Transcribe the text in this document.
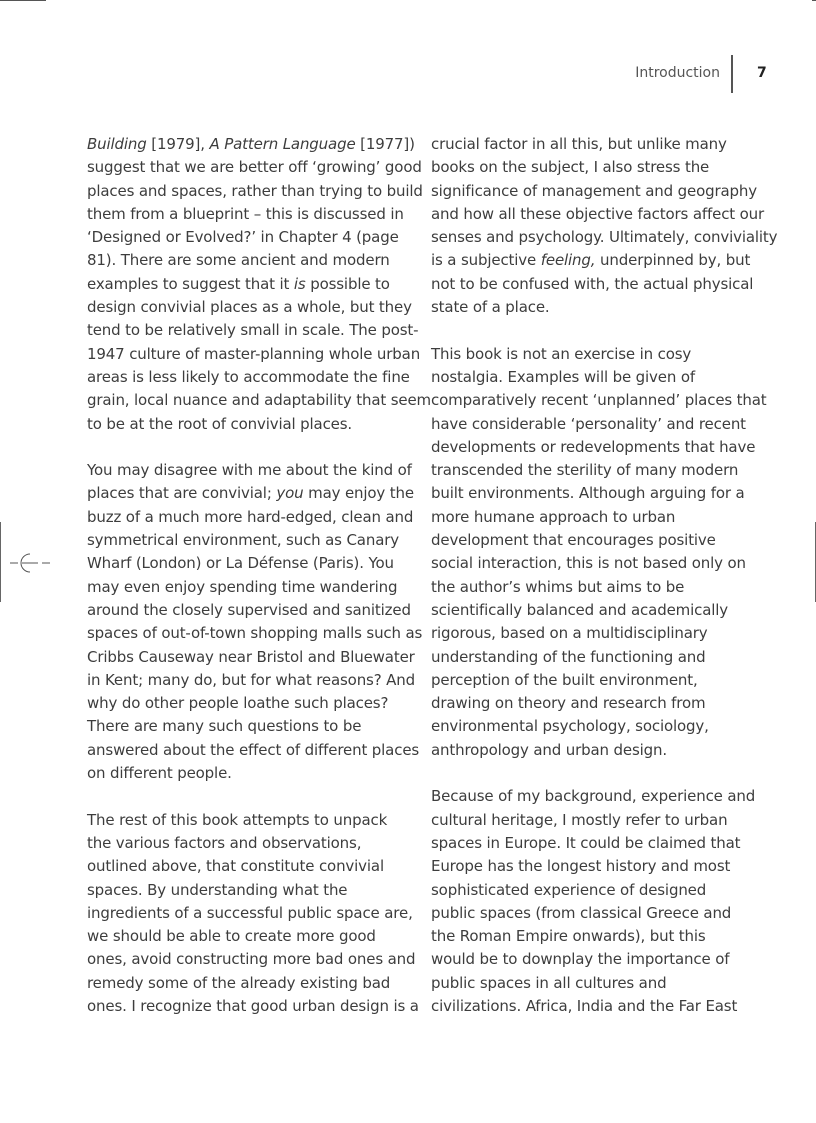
Introduction	7

Building [1979], A Pattern Language [1977])
suggest that we are better off ‘growing’ good
places and spaces, rather than trying to build
them from a blueprint – this is discussed in
‘Designed or Evolved?’ in Chapter 4 (page
81). There are some ancient and modern
examples to suggest that it is possible to
design convivial places as a whole, but they
tend to be relatively small in scale. The post-
1947 culture of master-planning whole urban
areas is less likely to accommodate the fine
grain, local nuance and adaptability that seem
to be at the root of convivial places.

You may disagree with me about the kind of
places that are convivial; you may enjoy the
buzz of a much more hard-edged, clean and
symmetrical environment, such as Canary
Wharf (London) or La Défense (Paris). You
may even enjoy spending time wandering
around the closely supervised and sanitized
spaces of out-of-town shopping malls such as
Cribbs Causeway near Bristol and Bluewater
in Kent; many do, but for what reasons? And
why do other people loathe such places?
There are many such questions to be
answered about the effect of different places
on different people.

The rest of this book attempts to unpack
the various factors and observations,
outlined above, that constitute convivial
spaces. By understanding what the
ingredients of a successful public space are,
we should be able to create more good
ones, avoid constructing more bad ones and
remedy some of the already existing bad
ones. I recognize that good urban design is a

crucial factor in all this, but unlike many
books on the subject, I also stress the
significance of management and geography
and how all these objective factors affect our
senses and psychology. Ultimately, conviviality
is a subjective feeling, underpinned by, but
not to be confused with, the actual physical
state of a place.

This book is not an exercise in cosy
nostalgia. Examples will be given of
comparatively recent ‘unplanned’ places that
have considerable ‘personality’ and recent
developments or redevelopments that have
transcended the sterility of many modern
built environments. Although arguing for a
more humane approach to urban
development that encourages positive
social interaction, this is not based only on
the author’s whims but aims to be
scientifically balanced and academically
rigorous, based on a multidisciplinary
understanding of the functioning and
perception of the built environment,
drawing on theory and research from
environmental psychology, sociology,
anthropology and urban design.

Because of my background, experience and
cultural heritage, I mostly refer to urban
spaces in Europe. It could be claimed that
Europe has the longest history and most
sophisticated experience of designed
public spaces (from classical Greece and
the Roman Empire onwards), but this
would be to downplay the importance of
public spaces in all cultures and
civilizations. Africa, India and the Far East
